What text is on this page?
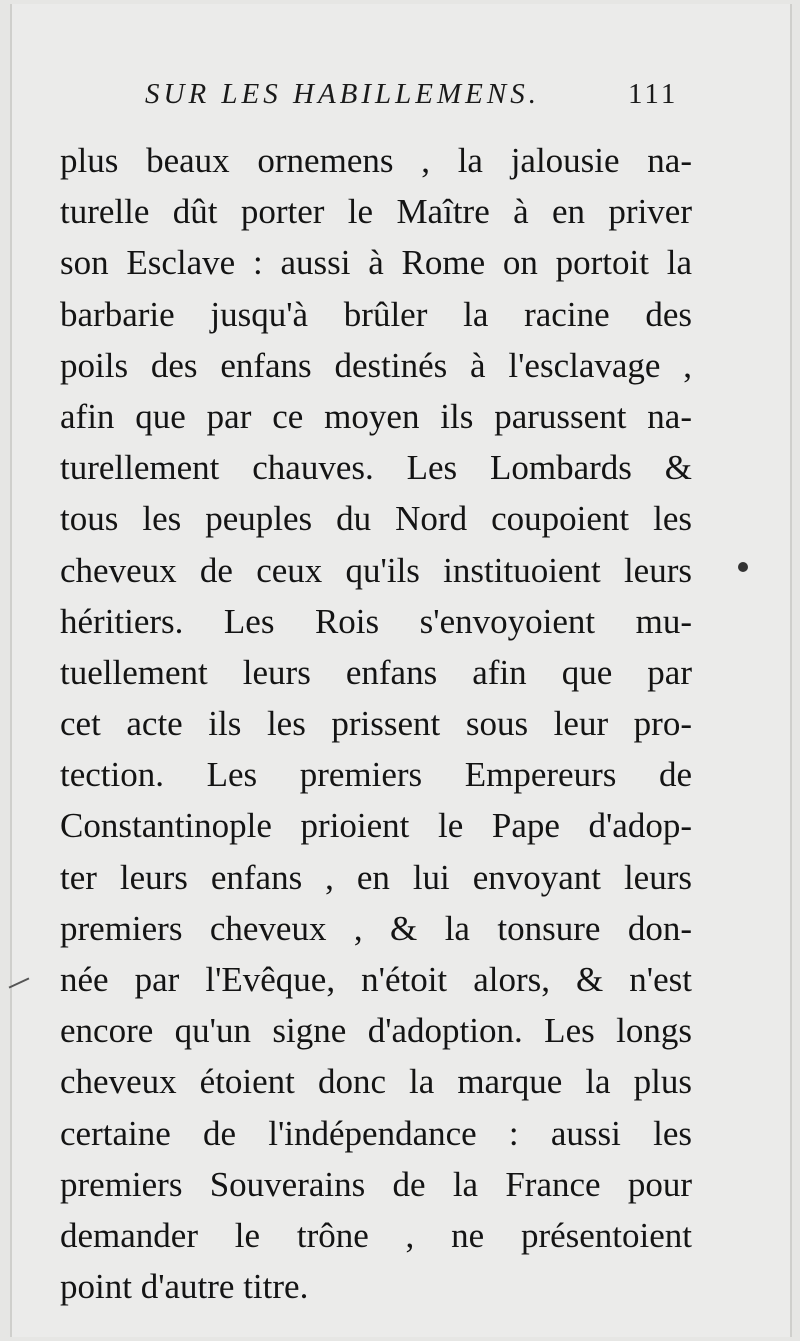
SUR LES HABILLEMENS.	111
plus beaux ornemens , la jalousie na-
turelle dût porter le Maître à en priver
son Esclave : aussi à Rome on portoit la
barbarie jusqu'à brûler la racine des
poils des enfans destinés à l'esclavage ,
afin que par ce moyen ils parussent na-
turellement chauves. Les Lombards &
tous les peuples du Nord coupoient les
cheveux de ceux qu'ils instituoient leurs
héritiers. Les Rois s'envoyoient mu-
tuellement leurs enfans afin que par
cet acte ils les prissent sous leur pro-
tection. Les premiers Empereurs de
Constantinople prioient le Pape d'adop-
ter leurs enfans , en lui envoyant leurs
premiers cheveux , & la tonsure don-
née par l'Evêque, n'étoit alors, & n'est
encore qu'un signe d'adoption. Les longs
cheveux étoient donc la marque la plus
certaine de l'indépendance : aussi les
premiers Souverains de la France pour
demander le trône , ne présentoient
point d'autre titre.
